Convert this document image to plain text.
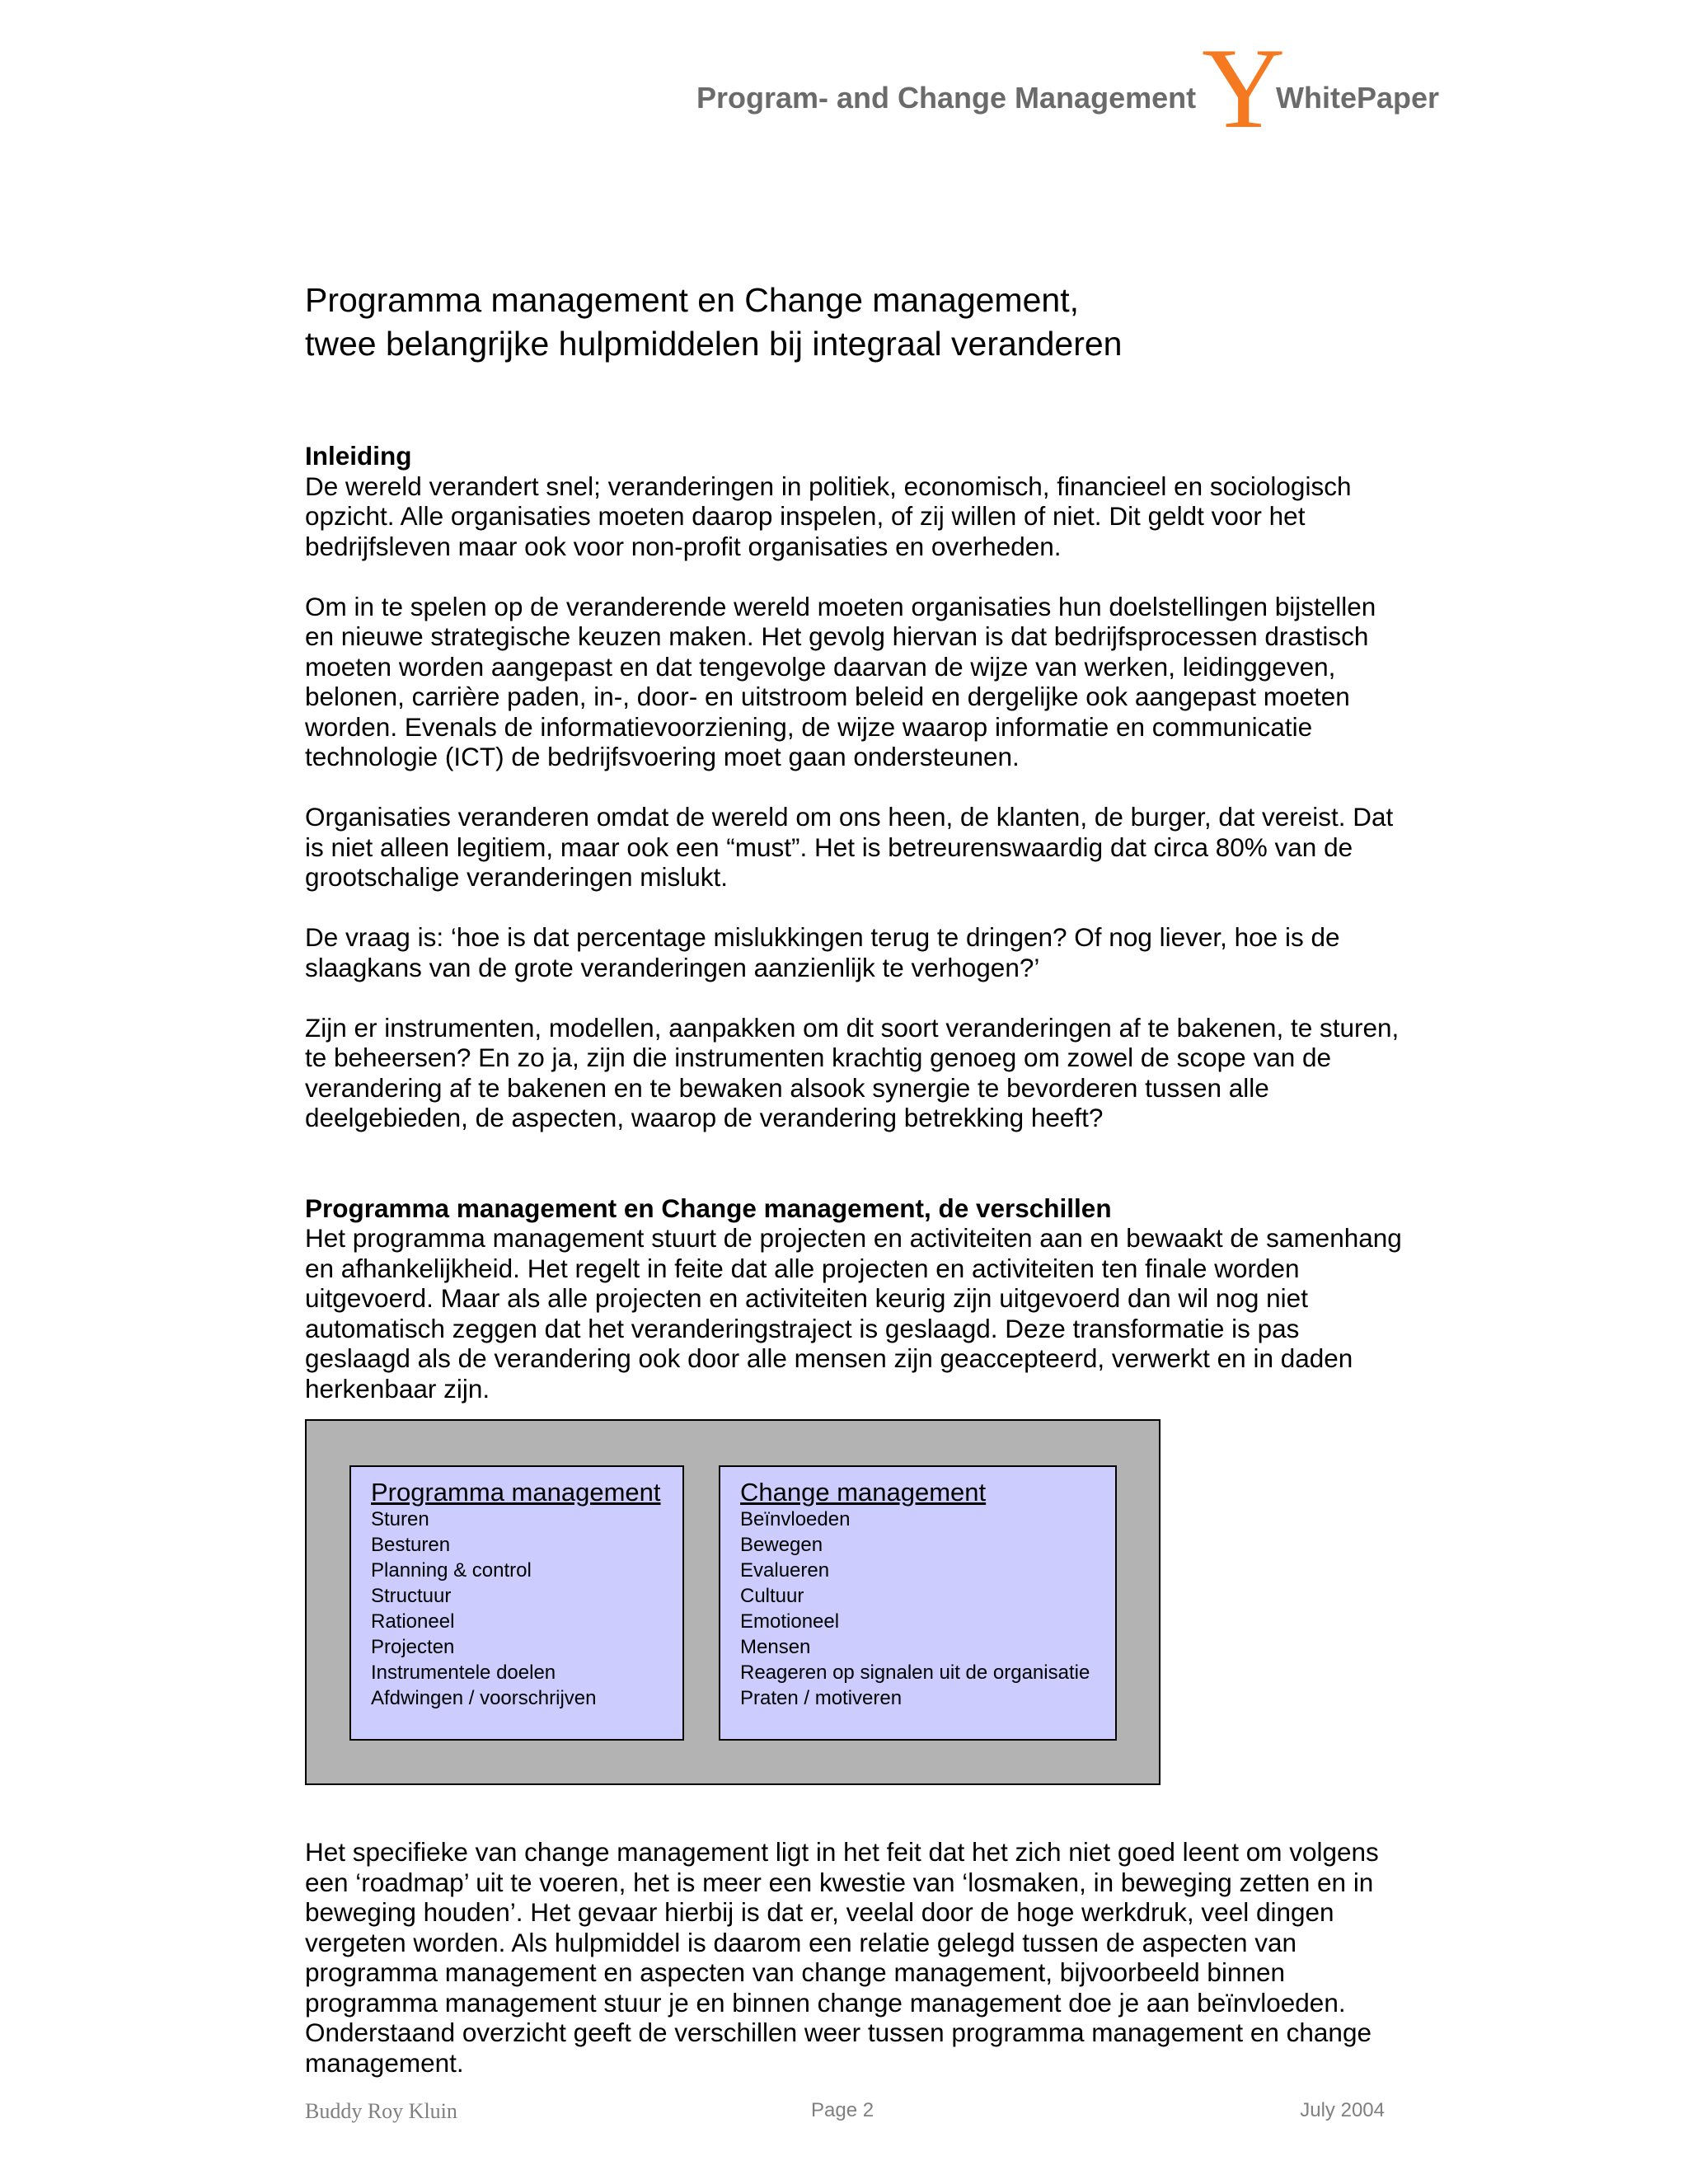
Program- and Change Management Y
WhitePaper
Programma management en Change management,
twee belangrijke hulpmiddelen bij integraal veranderen
Inleiding

De wereld verandert snel; veranderingen in politiek, economisch, financieel en sociologisch opzicht. Alle organisaties moeten daarop inspelen, of zij willen of niet. Dit geldt voor het bedrijfsleven maar ook voor non-profit organisaties en overheden.

Om in te spelen op de veranderende wereld moeten organisaties hun doelstellingen bijstellen en nieuwe strategische keuzen maken. Het gevolg hiervan is dat bedrijfsprocessen drastisch moeten worden aangepast en dat tengevolge daarvan de wijze van werken, leidinggeven, belonen, carrière paden, in-, door- en uitstroom beleid en dergelijke ook aangepast moeten worden. Evenals de informatievoorziening, de wijze waarop informatie en communicatie technologie (ICT) de bedrijfsvoering moet gaan ondersteunen.

Organisaties veranderen omdat de wereld om ons heen, de klanten, de burger, dat vereist. Dat is niet alleen legitiem, maar ook een “must”. Het is betreurenswaardig dat circa 80% van de grootschalige veranderingen mislukt.

De vraag is: ‘hoe is dat percentage mislukkingen terug te dringen? Of nog liever, hoe is de slaagkans van de grote veranderingen aanzienlijk te verhogen?’

Zijn er instrumenten, modellen, aanpakken om dit soort veranderingen af te bakenen, te sturen, te beheersen? En zo ja, zijn die instrumenten krachtig genoeg om zowel de scope van de verandering af te bakenen en te bewaken alsook synergie te bevorderen tussen alle deelgebieden, de aspecten, waarop de verandering betrekking heeft?

Programma management en Change management, de verschillen

Het programma management stuurt de projecten en activiteiten aan en bewaakt de samenhang en afhankelijkheid. Het regelt in feite dat alle projecten en activiteiten ten finale worden uitgevoerd. Maar als alle projecten en activiteiten keurig zijn uitgevoerd dan wil nog niet automatisch zeggen dat het veranderingstraject is geslaagd. Deze transformatie is pas geslaagd als de verandering ook door alle mensen zijn geaccepteerd, verwerkt en in daden herkenbaar zijn.

Programma management
Sturen
Besturen
Planning & control
Structuur
Rationeel
Projecten
Instrumentele doelen
Afdwingen / voorschrijven
Change management
Beïnvloeden
Bewegen
Evalueren
Cultuur
Emotioneel
Mensen
Reageren op signalen uit de organisatie
Praten / motiveren

Het specifieke van change management ligt in het feit dat het zich niet goed leent om volgens een ‘roadmap’ uit te voeren, het is meer een kwestie van ‘losmaken, in beweging zetten en in beweging houden’. Het gevaar hierbij is dat er, veelal door de hoge werkdruk, veel dingen vergeten worden. Als hulpmiddel is daarom een relatie gelegd tussen de aspecten van programma management en aspecten van change management, bijvoorbeeld binnen programma management stuur je en binnen change management doe je aan beïnvloeden. Onderstaand overzicht geeft de verschillen weer tussen programma management en change management.

Buddy Roy Kluin	Page 2	July 2004
